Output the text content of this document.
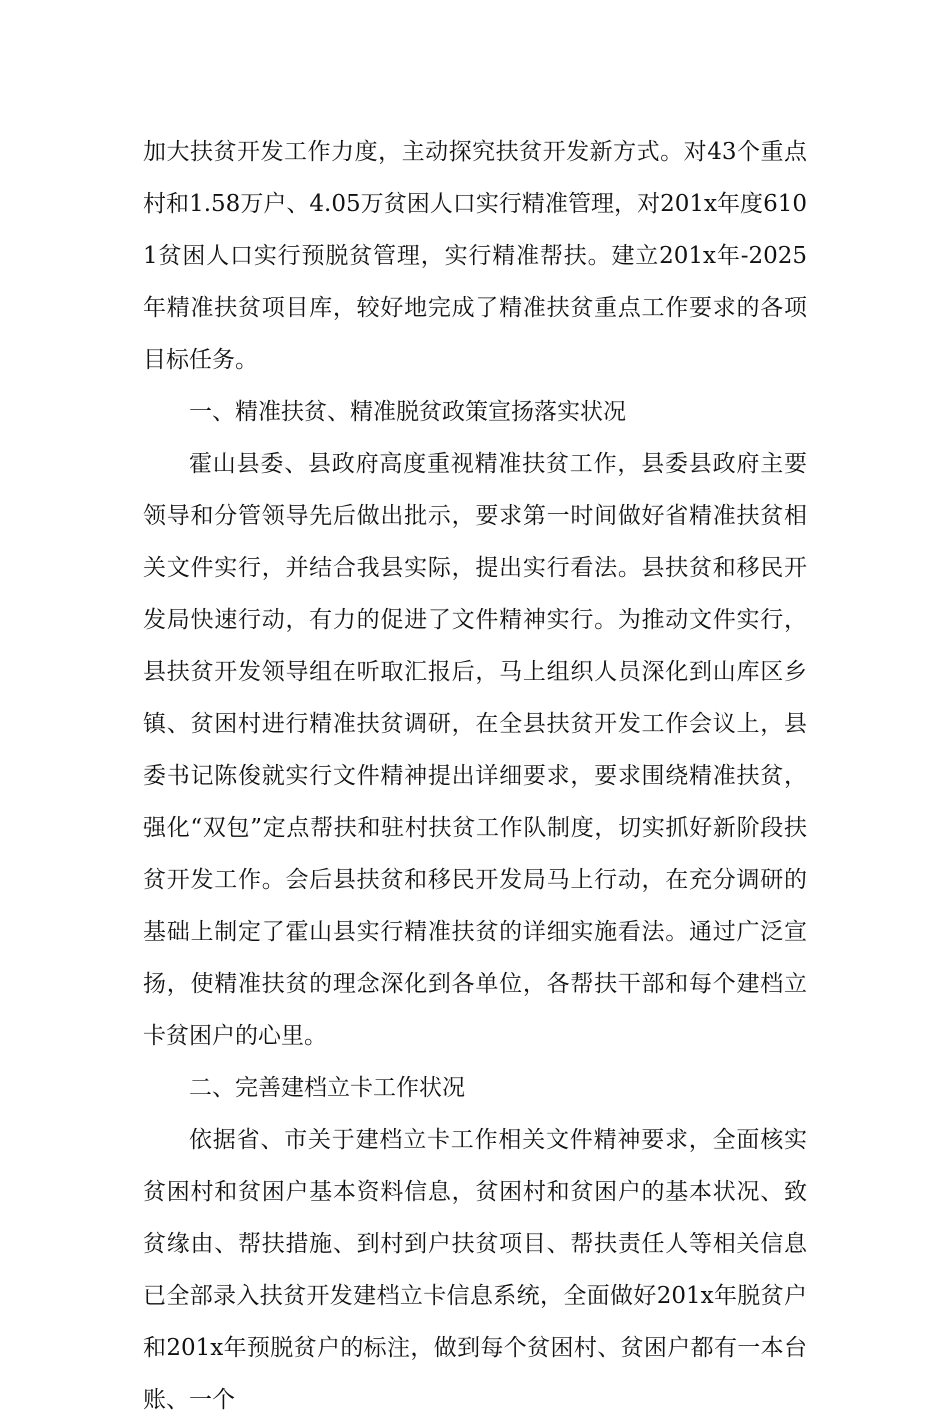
加大扶贫开发工作力度，主动探究扶贫开发新方式。对43个重点村和1.58万户、4.05万贫困人口实行精准管理，对201x年度6101贫困人口实行预脱贫管理，实行精准帮扶。建立201x年-2025年精准扶贫项目库，较好地完成了精准扶贫重点工作要求的各项目标任务。

一、精准扶贫、精准脱贫政策宣扬落实状况

霍山县委、县政府高度重视精准扶贫工作，县委县政府主要领导和分管领导先后做出批示，要求第一时间做好省精准扶贫相关文件实行，并结合我县实际，提出实行看法。县扶贫和移民开发局快速行动，有力的促进了文件精神实行。为推动文件实行，县扶贫开发领导组在听取汇报后，马上组织人员深化到山库区乡镇、贫困村进行精准扶贫调研，在全县扶贫开发工作会议上，县委书记陈俊就实行文件精神提出详细要求，要求围绕精准扶贫，强化“双包”定点帮扶和驻村扶贫工作队制度，切实抓好新阶段扶贫开发工作。会后县扶贫和移民开发局马上行动，在充分调研的基础上制定了霍山县实行精准扶贫的详细实施看法。通过广泛宣扬，使精准扶贫的理念深化到各单位，各帮扶干部和每个建档立卡贫困户的心里。

二、完善建档立卡工作状况

依据省、市关于建档立卡工作相关文件精神要求，全面核实贫困村和贫困户基本资料信息，贫困村和贫困户的基本状况、致贫缘由、帮扶措施、到村到户扶贫项目、帮扶责任人等相关信息已全部录入扶贫开发建档立卡信息系统，全面做好201x年脱贫户和201x年预脱贫户的标注，做到每个贫困村、贫困户都有一本台账、一个
